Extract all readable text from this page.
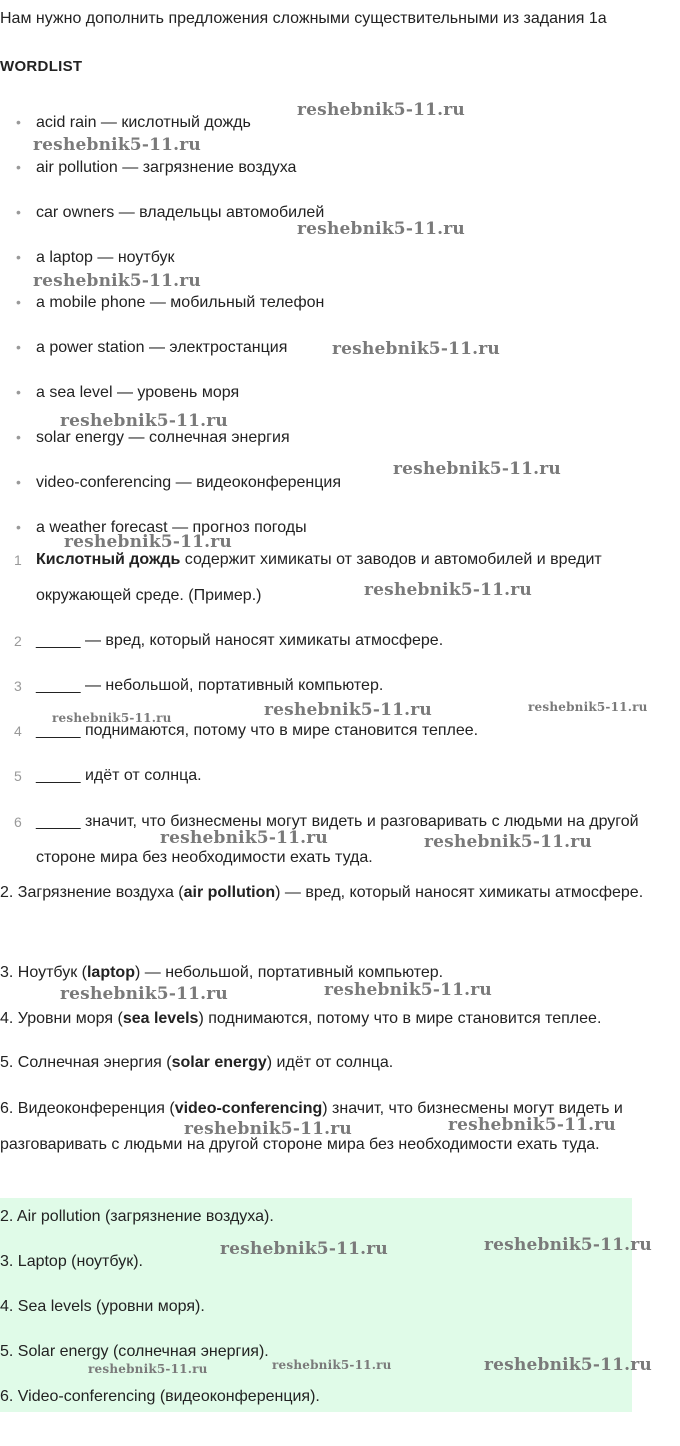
Нам нужно дополнить предложения сложными существительными из задания 1a
WORDLIST
• acid rain — кислотный дождь
• air pollution — загрязнение воздуха
• car owners — владельцы автомобилей
• a laptop — ноутбук
• a mobile phone — мобильный телефон
• a power station — электростанция
• a sea level — уровень моря
• solar energy — солнечная энергия
• video-conferencing — видеоконференция
• a weather forecast — прогноз погоды
1 Кислотный дождь содержит химикаты от заводов и автомобилей и вредит окружающей среде. (Пример.)
2 _____ — вред, который наносят химикаты атмосфере.
3 _____ — небольшой, портативный компьютер.
4 _____ поднимаются, потому что в мире становится теплее.
5 _____ идёт от солнца.
6 _____ значит, что бизнесмены могут видеть и разговаривать с людьми на другой стороне мира без необходимости ехать туда.
2. Загрязнение воздуха (air pollution) — вред, который наносят химикаты атмосфере.
3. Ноутбук (laptop) — небольшой, портативный компьютер.
4. Уровни моря (sea levels) поднимаются, потому что в мире становится теплее.
5. Солнечная энергия (solar energy) идёт от солнца.
6. Видеоконференция (video-conferencing) значит, что бизнесмены могут видеть и разговаривать с людьми на другой стороне мира без необходимости ехать туда.
2. Air pollution (загрязнение воздуха).
3. Laptop (ноутбук).
4. Sea levels (уровни моря).
5. Solar energy (солнечная энергия).
6. Video-conferencing (видеоконференция).
reshebnik5-11.ru
reshebnik5-11.ru
reshebnik5-11.ru
reshebnik5-11.ru
reshebnik5-11.ru
reshebnik5-11.ru
reshebnik5-11.ru
reshebnik5-11.ru
reshebnik5-11.ru
reshebnik5-11.ru	reshebnik5-11.ru	reshebnik5-11.ru
reshebnik5-11.ru	reshebnik5-11.ru
reshebnik5-11.ru	reshebnik5-11.ru
reshebnik5-11.ru	reshebnik5-11.ru
reshebnik5-11.ru	reshebnik5-11.ru
reshebnik5-11.ru	reshebnik5-11.ru	reshebnik5-11.ru
